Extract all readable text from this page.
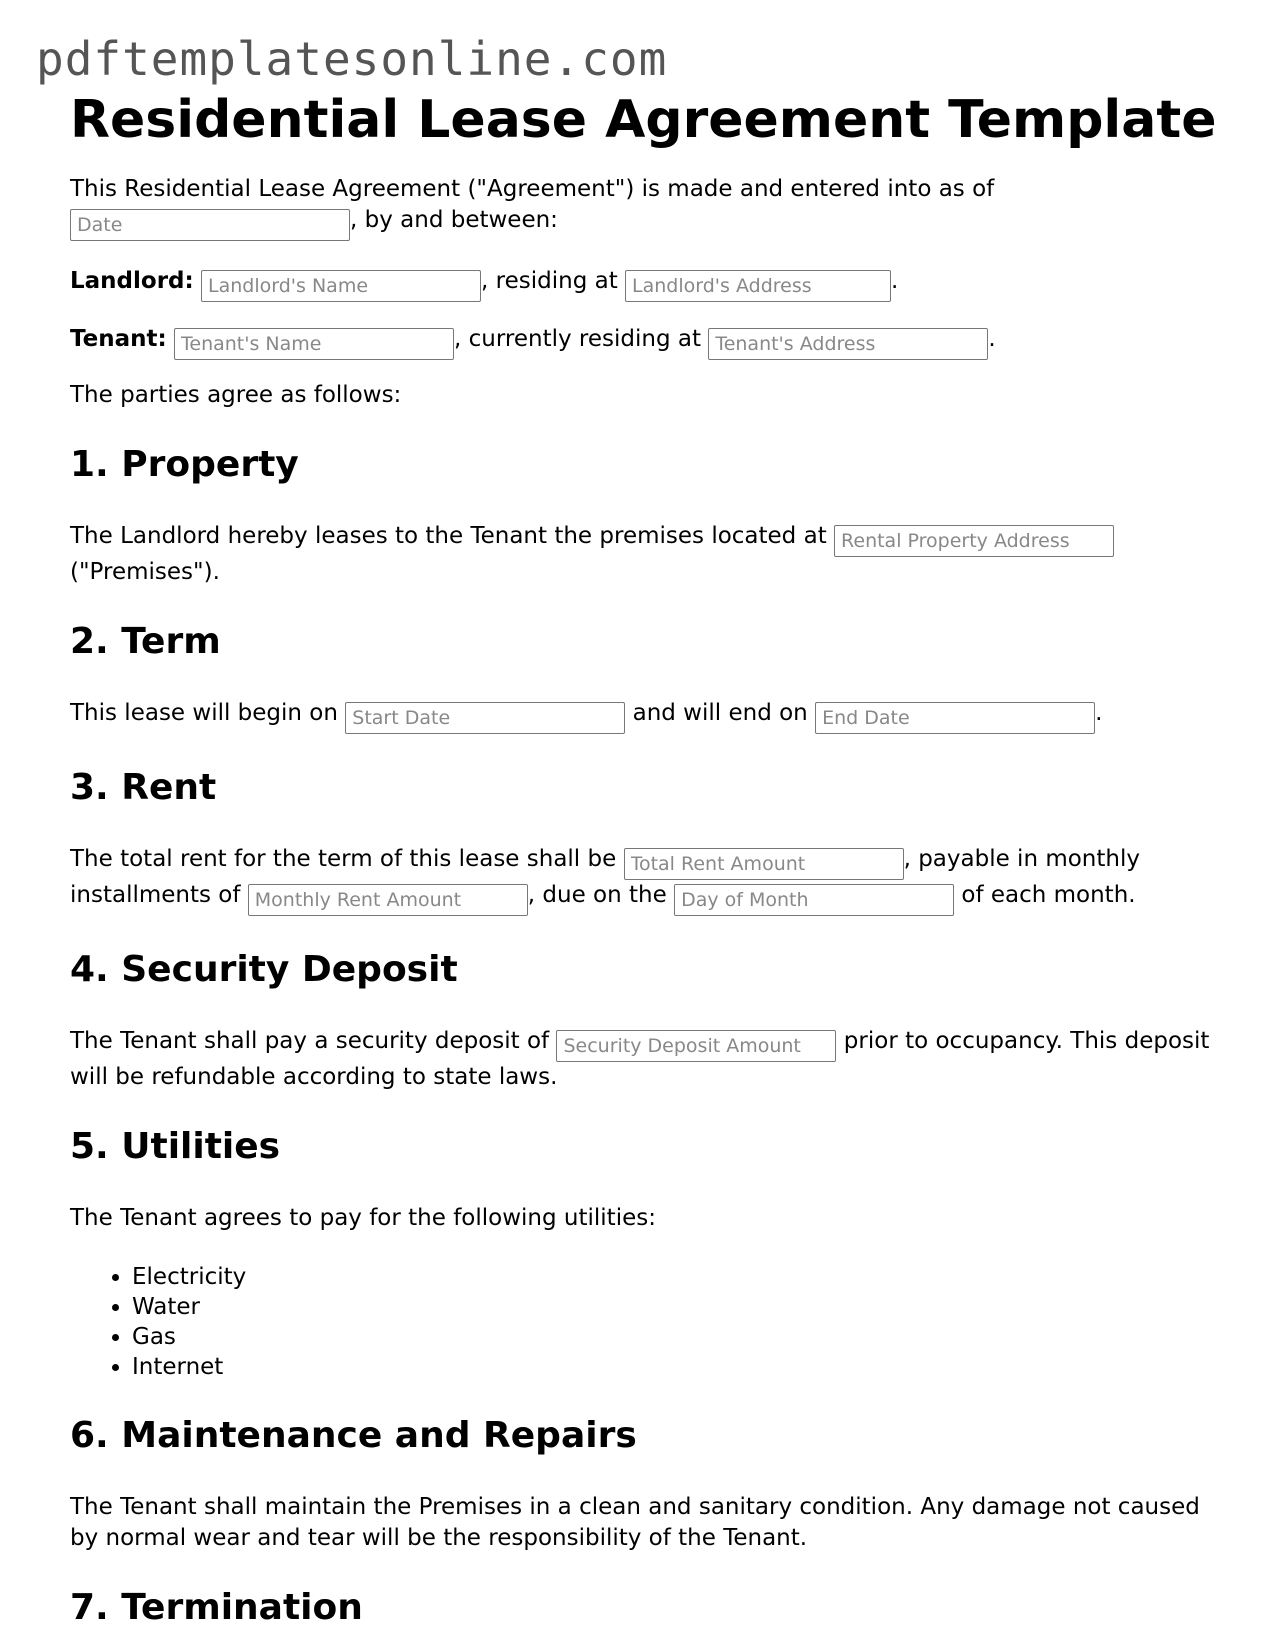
pdftemplatesonline.com
Residential Lease Agreement Template

This Residential Lease Agreement ("Agreement") is made and entered into as of
Date, by and between:

Landlord: Landlord's Name	, residing at Landlord's Address	.

Tenant: Tenant's Name	, currently residing at Tenant's Address	.

The parties agree as follows:

1. Property

The Landlord hereby leases to the Tenant the premises located at Rental Property Address
("Premises").

2. Term

This lease will begin on Start Date	and will end on End Date	.

3. Rent

The total rent for the term of this lease shall be Total Rent Amount	, payable in monthly installments of Monthly Rent Amount	, due on the Day of Month	of each month.

4. Security Deposit

The Tenant shall pay a security deposit of Security Deposit Amount	prior to occupancy. This deposit will be refundable according to state laws.

5. Utilities

The Tenant agrees to pay for the following utilities:

• Electricity
• Water
• Gas
• Internet
6. Maintenance and Repairs

The Tenant shall maintain the Premises in a clean and sanitary condition. Any damage not caused by normal wear and tear will be the responsibility of the Tenant.

7. Termination
